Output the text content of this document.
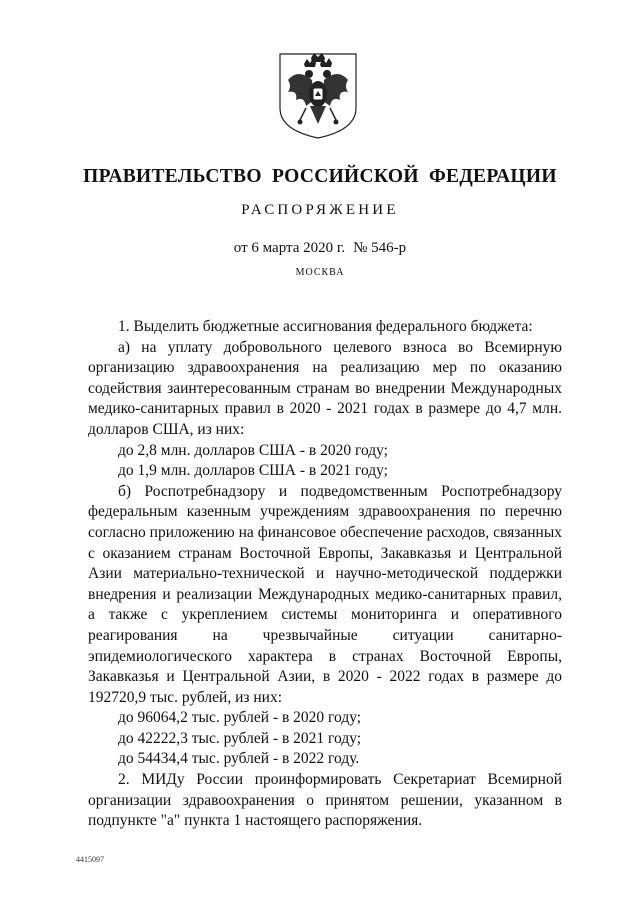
ПРАВИТЕЛЬСТВО РОССИЙСКОЙ ФЕДЕРАЦИИ
РАСПОРЯЖЕНИЕ
от 6 марта 2020 г. № 546-р
МОСКВА

1. Выделить бюджетные ассигнования федерального бюджета:

а) на уплату добровольного целевого взноса во Всемирную организацию здравоохранения на реализацию мер по оказанию содействия заинтересованным странам во внедрении Международных медико-санитарных правил в 2020 - 2021 годах в размере до 4,7 млн. долларов США, из них:

до 2,8 млн. долларов США - в 2020 году;

до 1,9 млн. долларов США - в 2021 году;

б) Роспотребнадзору и подведомственным Роспотребнадзору федеральным казенным учреждениям здравоохранения по перечню согласно приложению на финансовое обеспечение расходов, связанных с оказанием странам Восточной Европы, Закавказья и Центральной Азии материально-технической и научно-методической поддержки внедрения и реализации Международных медико-санитарных правил, а также с укреплением системы мониторинга и оперативного реагирования на чрезвычайные ситуации санитарно-эпидемиологического характера в странах Восточной Европы, Закавказья и Центральной Азии, в 2020 - 2022 годах в размере до 192720,9 тыс. рублей, из них:

до 96064,2 тыс. рублей - в 2020 году;

до 42222,3 тыс. рублей - в 2021 году;

до 54434,4 тыс. рублей - в 2022 году.

2. МИДу России проинформировать Секретариат Всемирной организации здравоохранения о принятом решении, указанном в подпункте "а" пункта 1 настоящего распоряжения.

4415097
